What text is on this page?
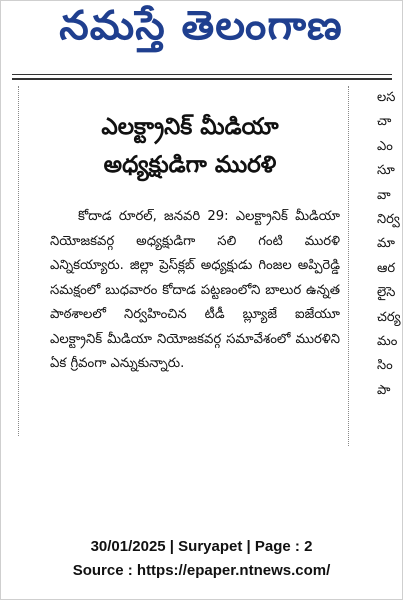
నమస్తే తెలంగాణ
లస
చా
ఎం
సూ
వా
నిర్వ
మా
ఆర
లైసె
చర్య
మం
సిం
పా
ఎలక్ట్రానిక్ మీడియా
అధ్యక్షుడిగా మురళి

కోదాడ రూరల్, జనవరి 29: ఎలక్ట్రానిక్ మీడియా నియోజకవర్గ అధ్యక్షుడిగా సలి గంటి మురళి ఎన్నికయ్యారు. జిల్లా ప్రెస్‌క్లబ్ అధ్యక్షుడు గింజల అప్పిరెడ్డి సమక్షంలో బుధవారం కోదాడ పట్టణంలోని బాలుర ఉన్నత పాఠశాలలో నిర్వహించిన టీడీ బ్ల్యూజే ఐజేయూ ఎలక్ట్రానిక్ మీడియా నియోజకవర్గ సమావేశంలో మురళిని ఏక గ్రీవంగా ఎన్నుకున్నారు.

30/01/2025 | Suryapet | Page : 2
Source : https://epaper.ntnews.com/
